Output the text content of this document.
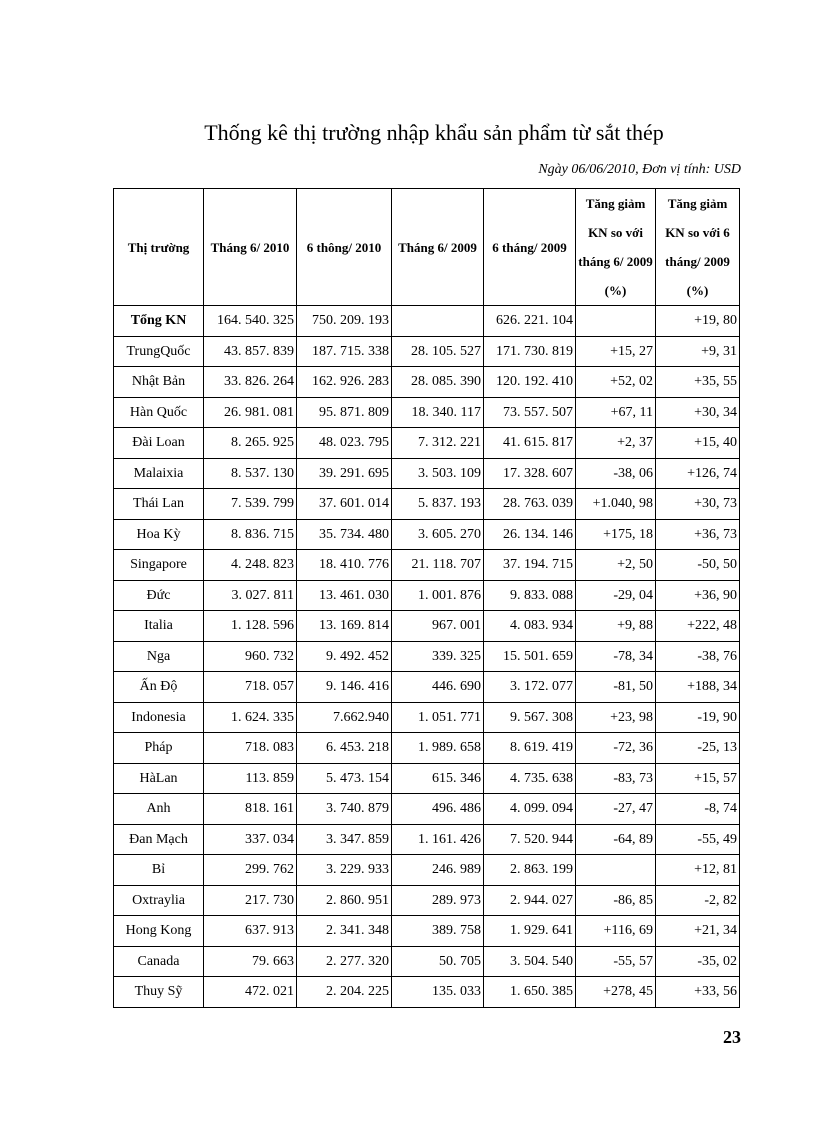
Thống kê thị trường nhập khẩu sản phẩm từ sắt thép
Ngày 06/06/2010, Đơn vị tính: USD
Thị trường	Tháng 6/ 2010	6 thông/ 2010	Tháng 6/ 2009	6 tháng/ 2009	Tăng giảm KN so với tháng 6/ 2009 (%)	Tăng giảm KN so với 6 tháng/ 2009 (%)
Tổng KN	164. 540. 325	750. 209. 193		626. 221. 104		+19, 80
TrungQuốc	43. 857. 839	187. 715. 338	28. 105. 527	171. 730. 819	+15, 27	+9, 31
Nhật Bản	33. 826. 264	162. 926. 283	28. 085. 390	120. 192. 410	+52, 02	+35, 55
Hàn Quốc	26. 981. 081	95. 871. 809	18. 340. 117	73. 557. 507	+67, 11	+30, 34
Đài Loan	8. 265. 925	48. 023. 795	7. 312. 221	41. 615. 817	+2, 37	+15, 40
Malaixia	8. 537. 130	39. 291. 695	3. 503. 109	17. 328. 607	-38, 06	+126, 74
Thái Lan	7. 539. 799	37. 601. 014	5. 837. 193	28. 763. 039	+1.040, 98	+30, 73
Hoa Kỳ	8. 836. 715	35. 734. 480	3. 605. 270	26. 134. 146	+175, 18	+36, 73
Singapore	4. 248. 823	18. 410. 776	21. 118. 707	37. 194. 715	+2, 50	-50, 50
Đức	3. 027. 811	13. 461. 030	1. 001. 876	9. 833. 088	-29, 04	+36, 90
Italia	1. 128. 596	13. 169. 814	967. 001	4. 083. 934	+9, 88	+222, 48
Nga	960. 732	9. 492. 452	339. 325	15. 501. 659	-78, 34	-38, 76
Ấn Độ	718. 057	9. 146. 416	446. 690	3. 172. 077	-81, 50	+188, 34
Indonesia	1. 624. 335	7.662.940	1. 051. 771	9. 567. 308	+23, 98	-19, 90
Pháp	718. 083	6. 453. 218	1. 989. 658	8. 619. 419	-72, 36	-25, 13
HàLan	113. 859	5. 473. 154	615. 346	4. 735. 638	-83, 73	+15, 57
Anh	818. 161	3. 740. 879	496. 486	4. 099. 094	-27, 47	-8, 74
Đan Mạch	337. 034	3. 347. 859	1. 161. 426	7. 520. 944	-64, 89	-55, 49
Bỉ	299. 762	3. 229. 933	246. 989	2. 863. 199		+12, 81
Oxtraylia	217. 730	2. 860. 951	289. 973	2. 944. 027	-86, 85	-2, 82
Hong Kong	637. 913	2. 341. 348	389. 758	1. 929. 641	+116, 69	+21, 34
Canada	79. 663	2. 277. 320	50. 705	3. 504. 540	-55, 57	-35, 02
Thuy Sỹ	472. 021	2. 204. 225	135. 033	1. 650. 385	+278, 45	+33, 56
23
